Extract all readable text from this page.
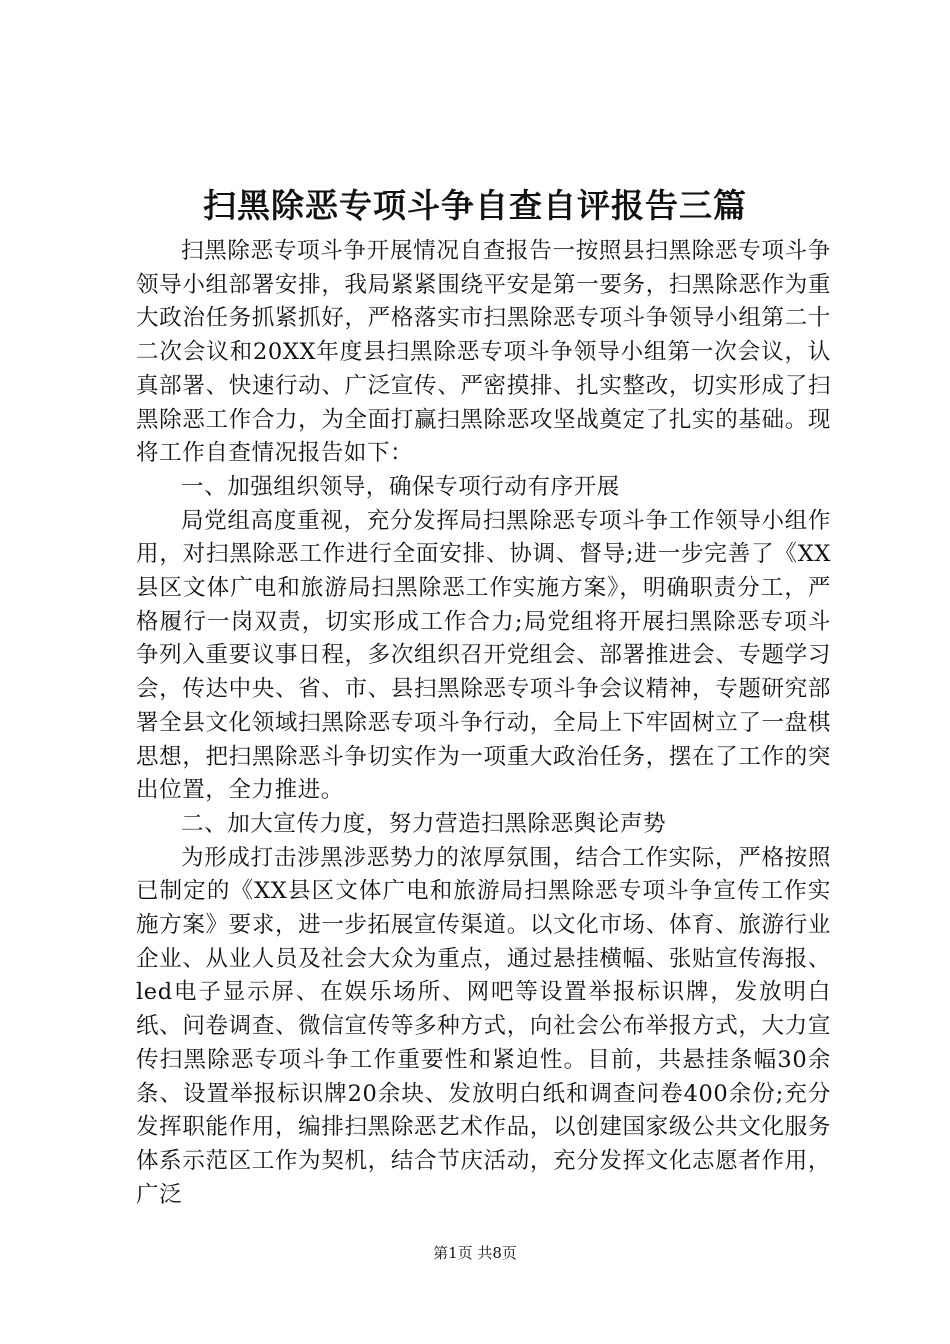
扫黑除恶专项斗争自查自评报告三篇

扫黑除恶专项斗争开展情况自查报告一按照县扫黑除恶专项斗争领导小组部署安排，我局紧紧围绕平安是第一要务，扫黑除恶作为重大政治任务抓紧抓好，严格落实市扫黑除恶专项斗争领导小组第二十二次会议和20XX年度县扫黑除恶专项斗争领导小组第一次会议，认真部署、快速行动、广泛宣传、严密摸排、扎实整改，切实形成了扫黑除恶工作合力，为全面打赢扫黑除恶攻坚战奠定了扎实的基础。现将工作自查情况报告如下：

一、加强组织领导，确保专项行动有序开展

局党组高度重视，充分发挥局扫黑除恶专项斗争工作领导小组作用，对扫黑除恶工作进行全面安排、协调、督导;进一步完善了《XX县区文体广电和旅游局扫黑除恶工作实施方案》，明确职责分工，严格履行一岗双责，切实形成工作合力;局党组将开展扫黑除恶专项斗争列入重要议事日程，多次组织召开党组会、部署推进会、专题学习会，传达中央、省、市、县扫黑除恶专项斗争会议精神，专题研究部署全县文化领域扫黑除恶专项斗争行动，全局上下牢固树立了一盘棋思想，把扫黑除恶斗争切实作为一项重大政治任务，摆在了工作的突出位置，全力推进。

二、加大宣传力度，努力营造扫黑除恶舆论声势

为形成打击涉黑涉恶势力的浓厚氛围，结合工作实际，严格按照已制定的《XX县区文体广电和旅游局扫黑除恶专项斗争宣传工作实施方案》要求，进一步拓展宣传渠道。以文化市场、体育、旅游行业企业、从业人员及社会大众为重点，通过悬挂横幅、张贴宣传海报、led电子显示屏、在娱乐场所、网吧等设置举报标识牌，发放明白纸、问卷调查、微信宣传等多种方式，向社会公布举报方式，大力宣传扫黑除恶专项斗争工作重要性和紧迫性。目前，共悬挂条幅30余条、设置举报标识牌20余块、发放明白纸和调查问卷400余份;充分发挥职能作用，编排扫黑除恶艺术作品，以创建国家级公共文化服务体系示范区工作为契机，结合节庆活动，充分发挥文化志愿者作用，广泛

第1页 共8页
